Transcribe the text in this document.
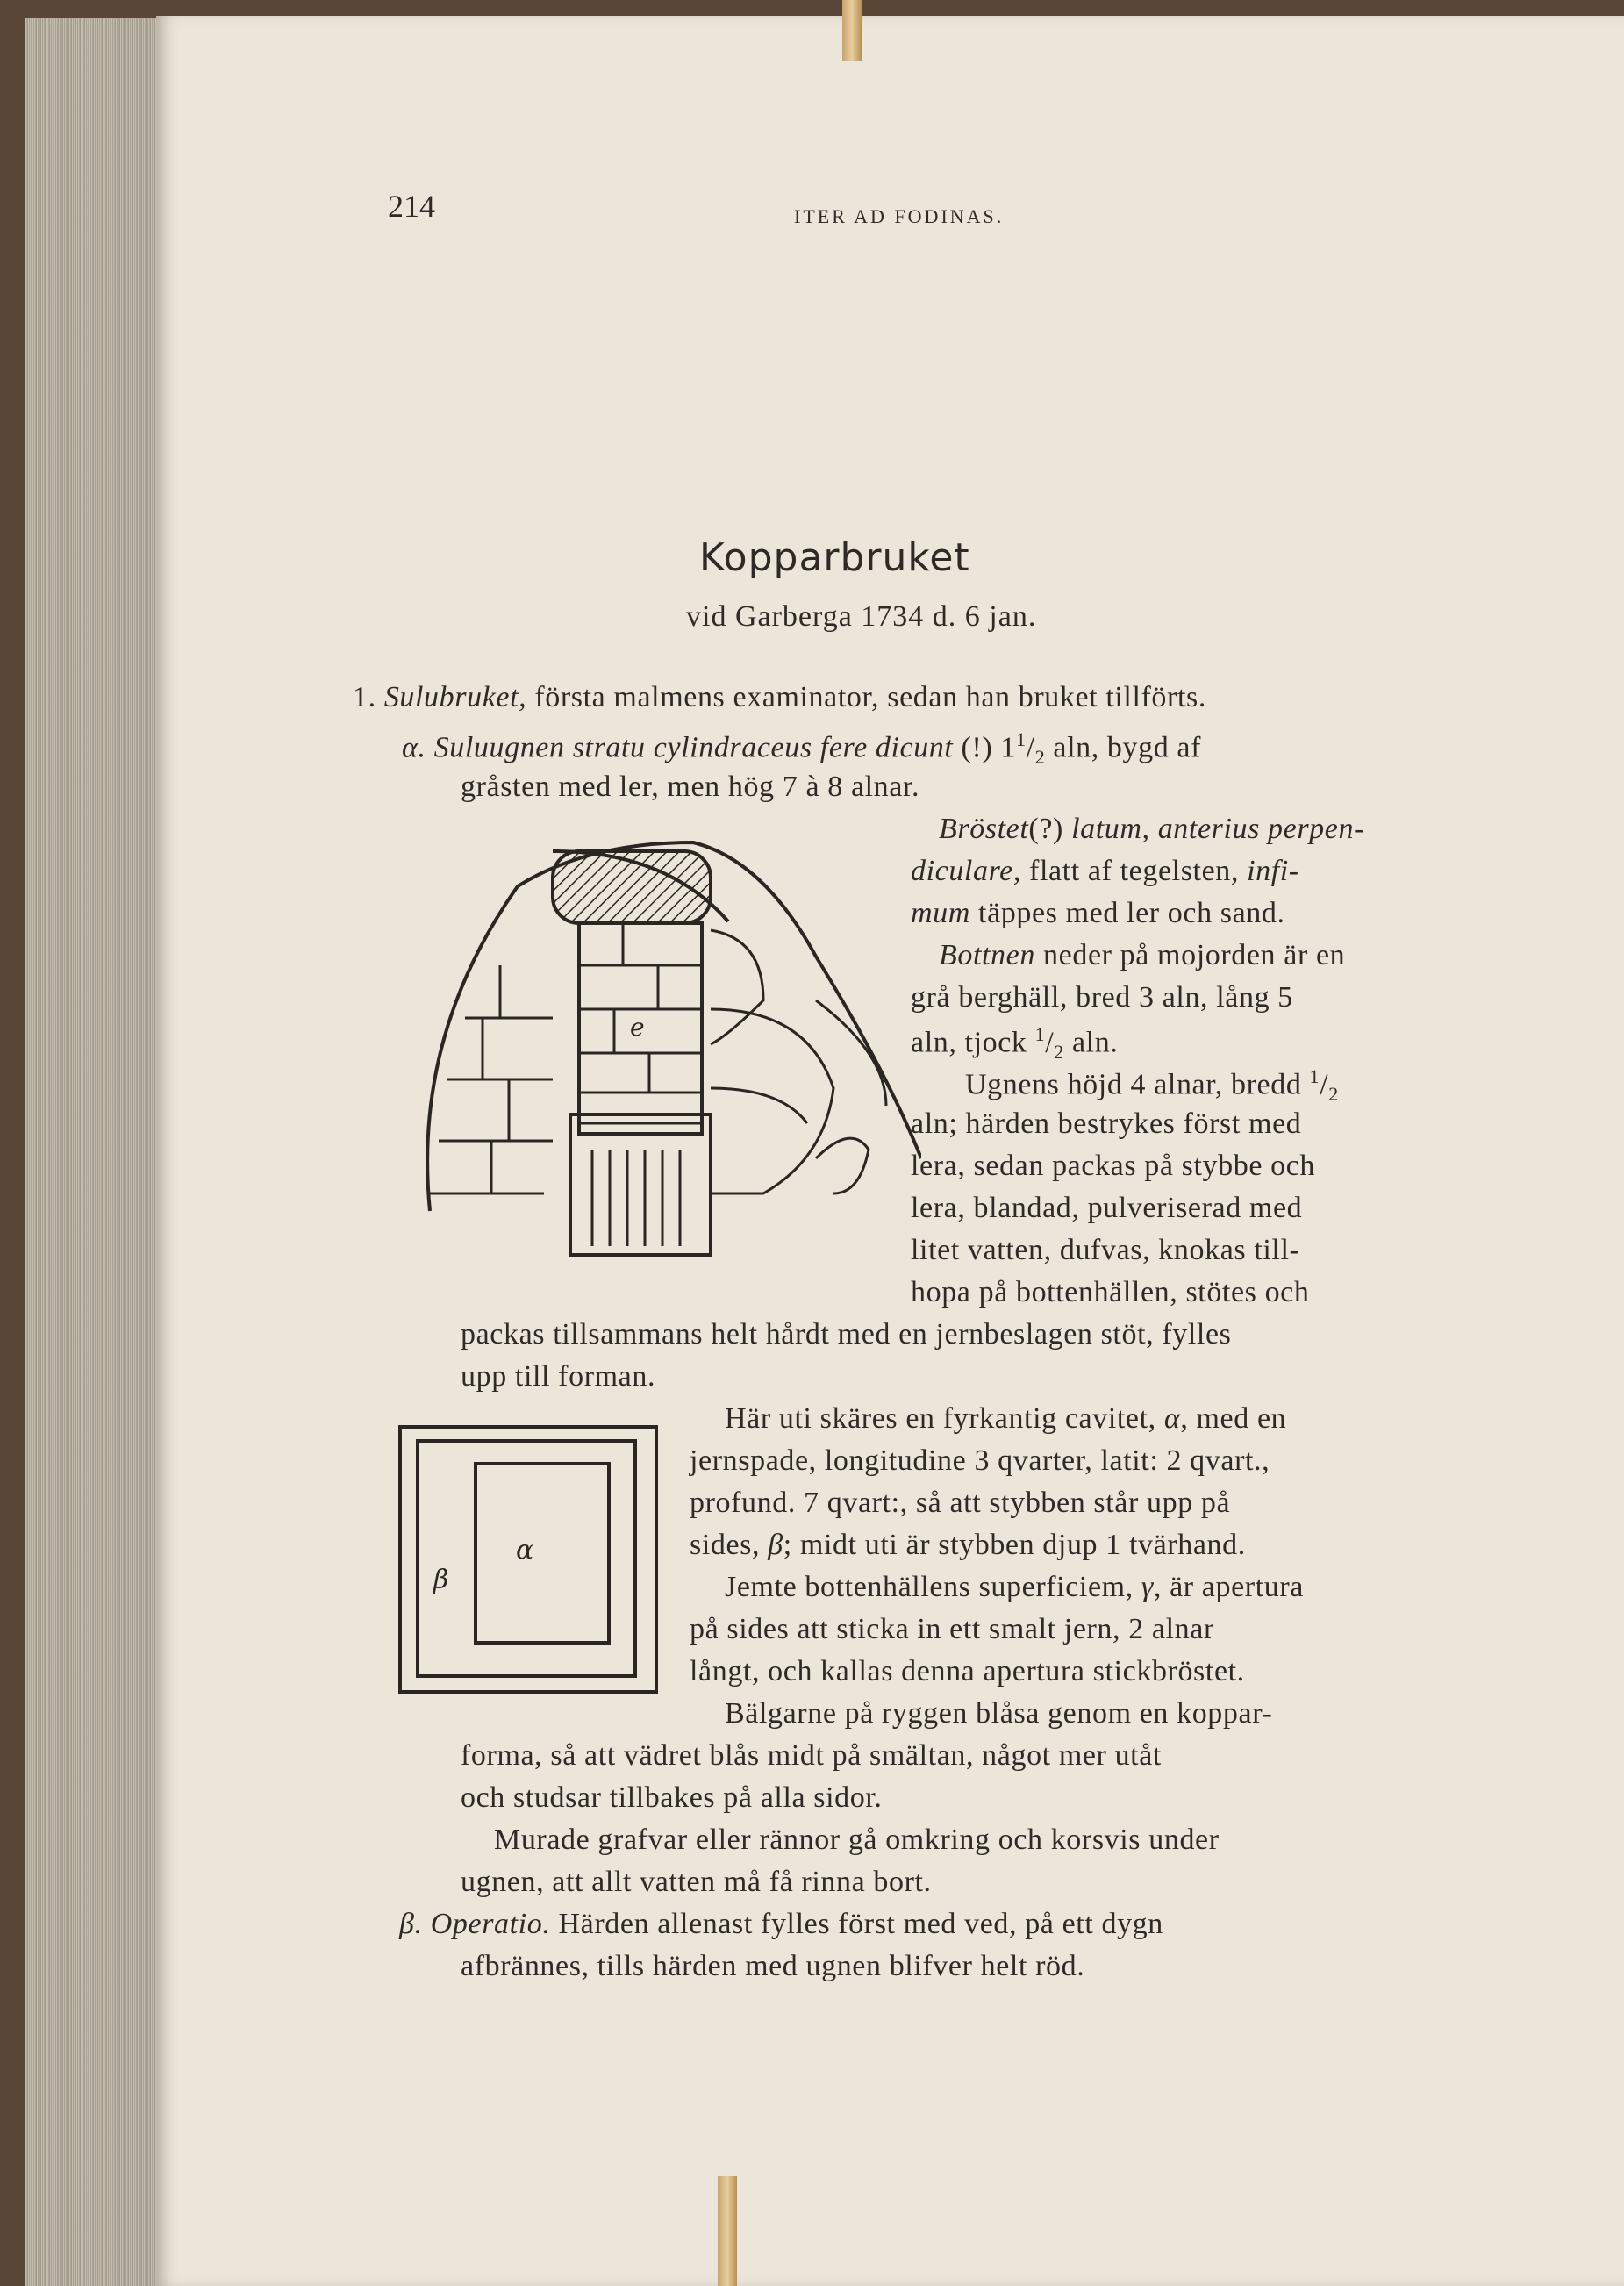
214	ITER AD FODINAS.
Kopparbruket
vid Garberga 1734 d. 6 jan.
1. Sulubruket, första malmens examinator, sedan han bruket tillförts.
α. Suluugnen stratu cylindraceus fere dicunt (!) $1^1/_2$ aln, bygd af
gråsten med ler, men hög 7 à 8 alnar.
Bröstet(?) latum, anterius perpen-
diculare, flatt af tegelsten, infi-
mum täppes med ler och sand.
Bottnen neder på mojorden är en
grå berghäll, bred 3 aln, lång 5
aln, tjock $^1/_2$ aln.
Ugnens höjd 4 alnar, bredd $^1/_2$
aln; härden bestrykes först med
lera, sedan packas på stybbe och
lera, blandad, pulveriserad med
litet vatten, dufvas, knokas till-
hopa på bottenhällen, stötes och
packas tillsammans helt hårdt med en jernbeslagen stöt, fylles
upp till forman.
Här uti skäres en fyrkantig cavitet, α, med en
jernspade, longitudine 3 qvarter, latit: 2 qvart.,
profund. 7 qvart:, så att stybben står upp på
sides, β; midt uti är stybben djup 1 tvärhand.
Jemte bottenhällens superficiem, γ, är apertura
på sides att sticka in ett smalt jern, 2 alnar
långt, och kallas denna apertura stickbröstet.
Bälgarne på ryggen blåsa genom en koppar-
forma, så att vädret blås midt på smältan, något mer utåt
och studsar tillbakes på alla sidor.
Murade grafvar eller rännor gå omkring och korsvis under
ugnen, att allt vatten må få rinna bort.
β. Operatio. Härden allenast fylles först med ved, på ett dygn
afbrännes, tills härden med ugnen blifver helt röd.
e
α
β
